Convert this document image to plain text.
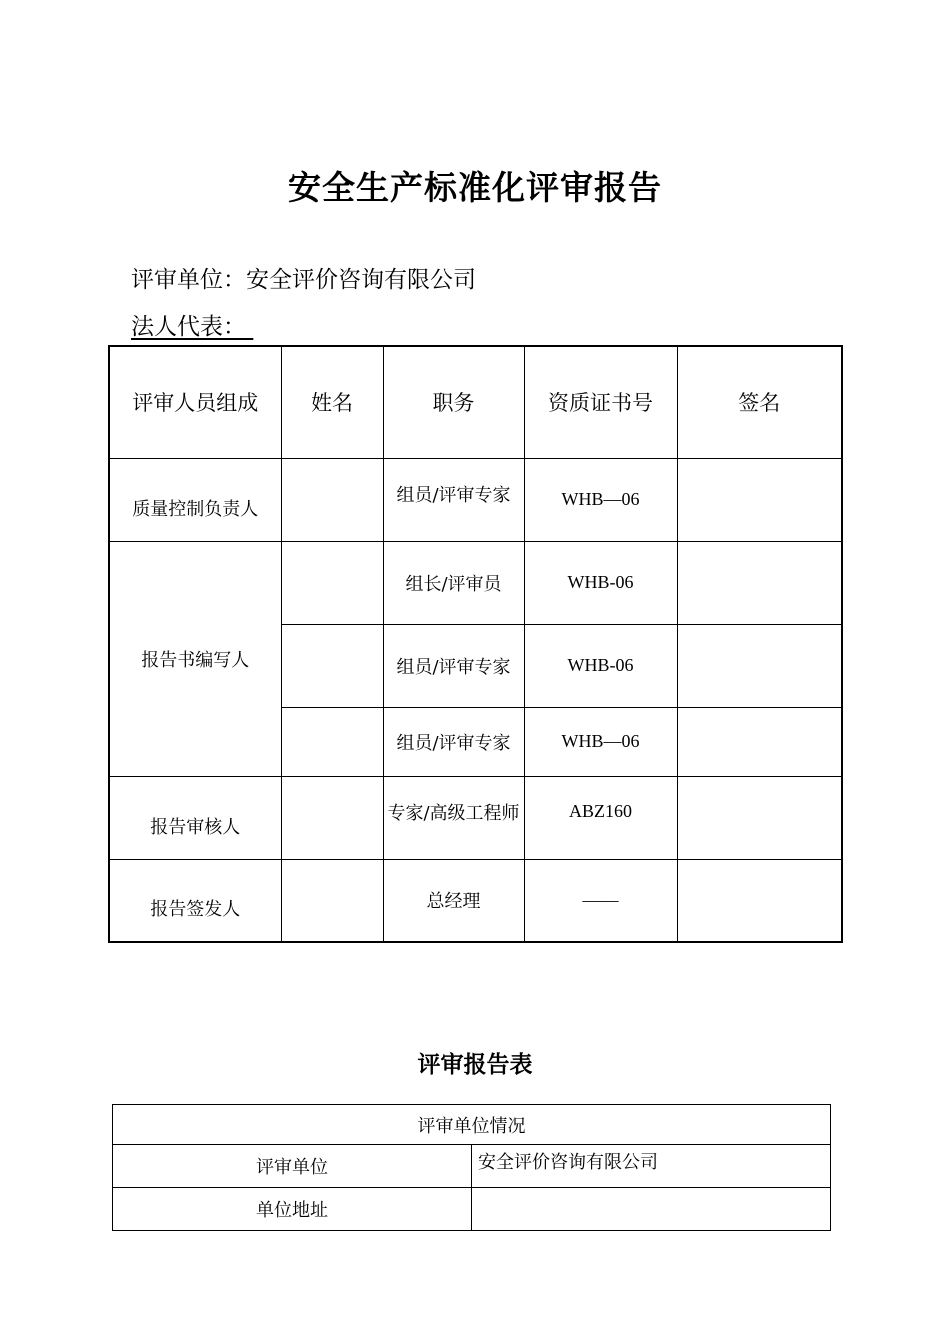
安全生产标准化评审报告
评审单位：安全评价咨询有限公司
法人代表：
评审人员组成	姓名	职务	资质证书号	签名
质量控制负责人		组员/评审专家	WHB—06	
报告书编写人		组长/评审员	WHB-06	
		组员/评审专家	WHB-06	
		组员/评审专家	WHB—06	
报告审核人		专家/高级工程师	ABZ160	
报告签发人		总经理	——	
评审报告表
评审单位情况	
评审单位	安全评价咨询有限公司
单位地址	
